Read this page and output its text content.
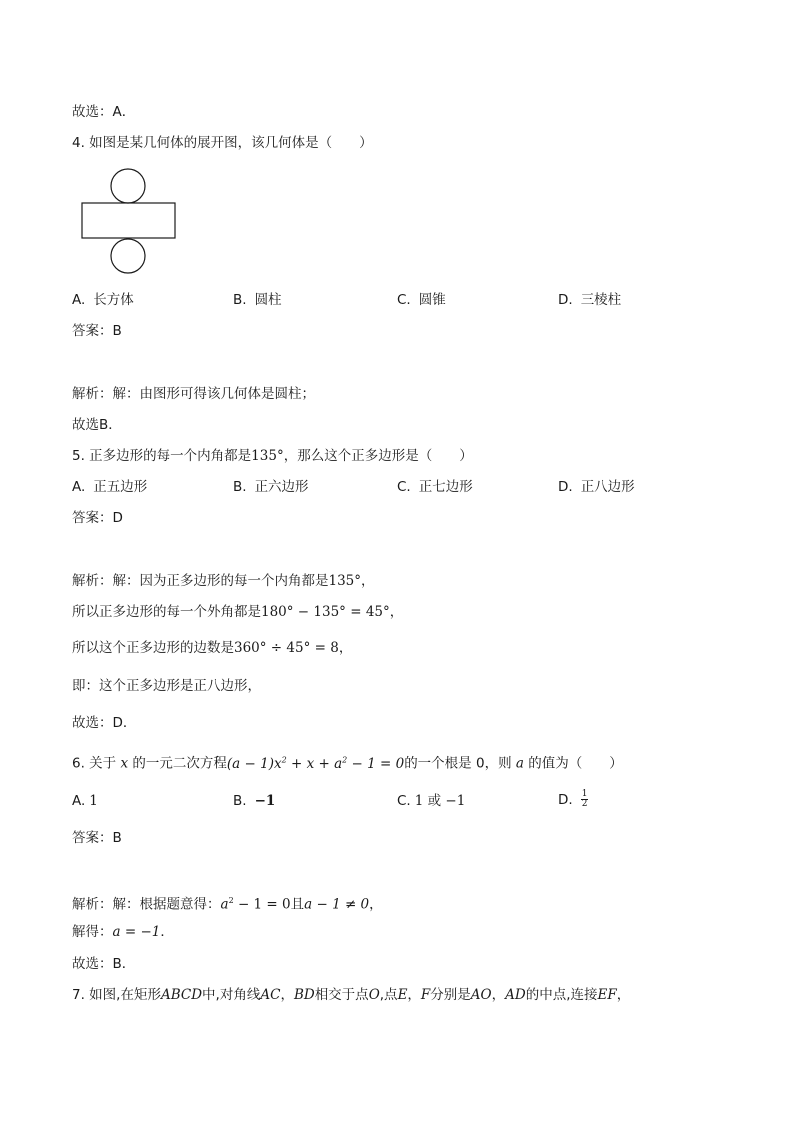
故选：A．
4. 如图是某几何体的展开图，该几何体是（　　）
A. 长方体	B. 圆柱	C. 圆锥	D. 三棱柱
答案：B
解析：解：由图形可得该几何体是圆柱；
故选B．
5. 正多边形的每一个内角都是135°，那么这个正多边形是（　　）
A. 正五边形	B. 正六边形	C. 正七边形	D. 正八边形
答案：D
解析：解：因为正多边形的每一个内角都是135°，
所以正多边形的每一个外角都是180° − 135° = 45°，
所以这个正多边形的边数是360° ÷ 45° = 8，
即：这个正多边形是正八边形，
故选：D．
6. 关于 x 的一元二次方程$(a - 1)x^2 + x + a^2 - 1 = 0$的一个根是 0，则 a 的值为（　　）
A. 1	B. −1	C. 1 或 −1	D. $\frac{1}{2}$
答案：B
解析：解：根据题意得：$a^2 - 1 = 0$且a − 1 ≠ 0，
解得：a = −1．
故选：B．
7. 如图,在矩形ABCD中,对角线AC，BD相交于点O,点E，F分别是AO，AD的中点,连接EF，
